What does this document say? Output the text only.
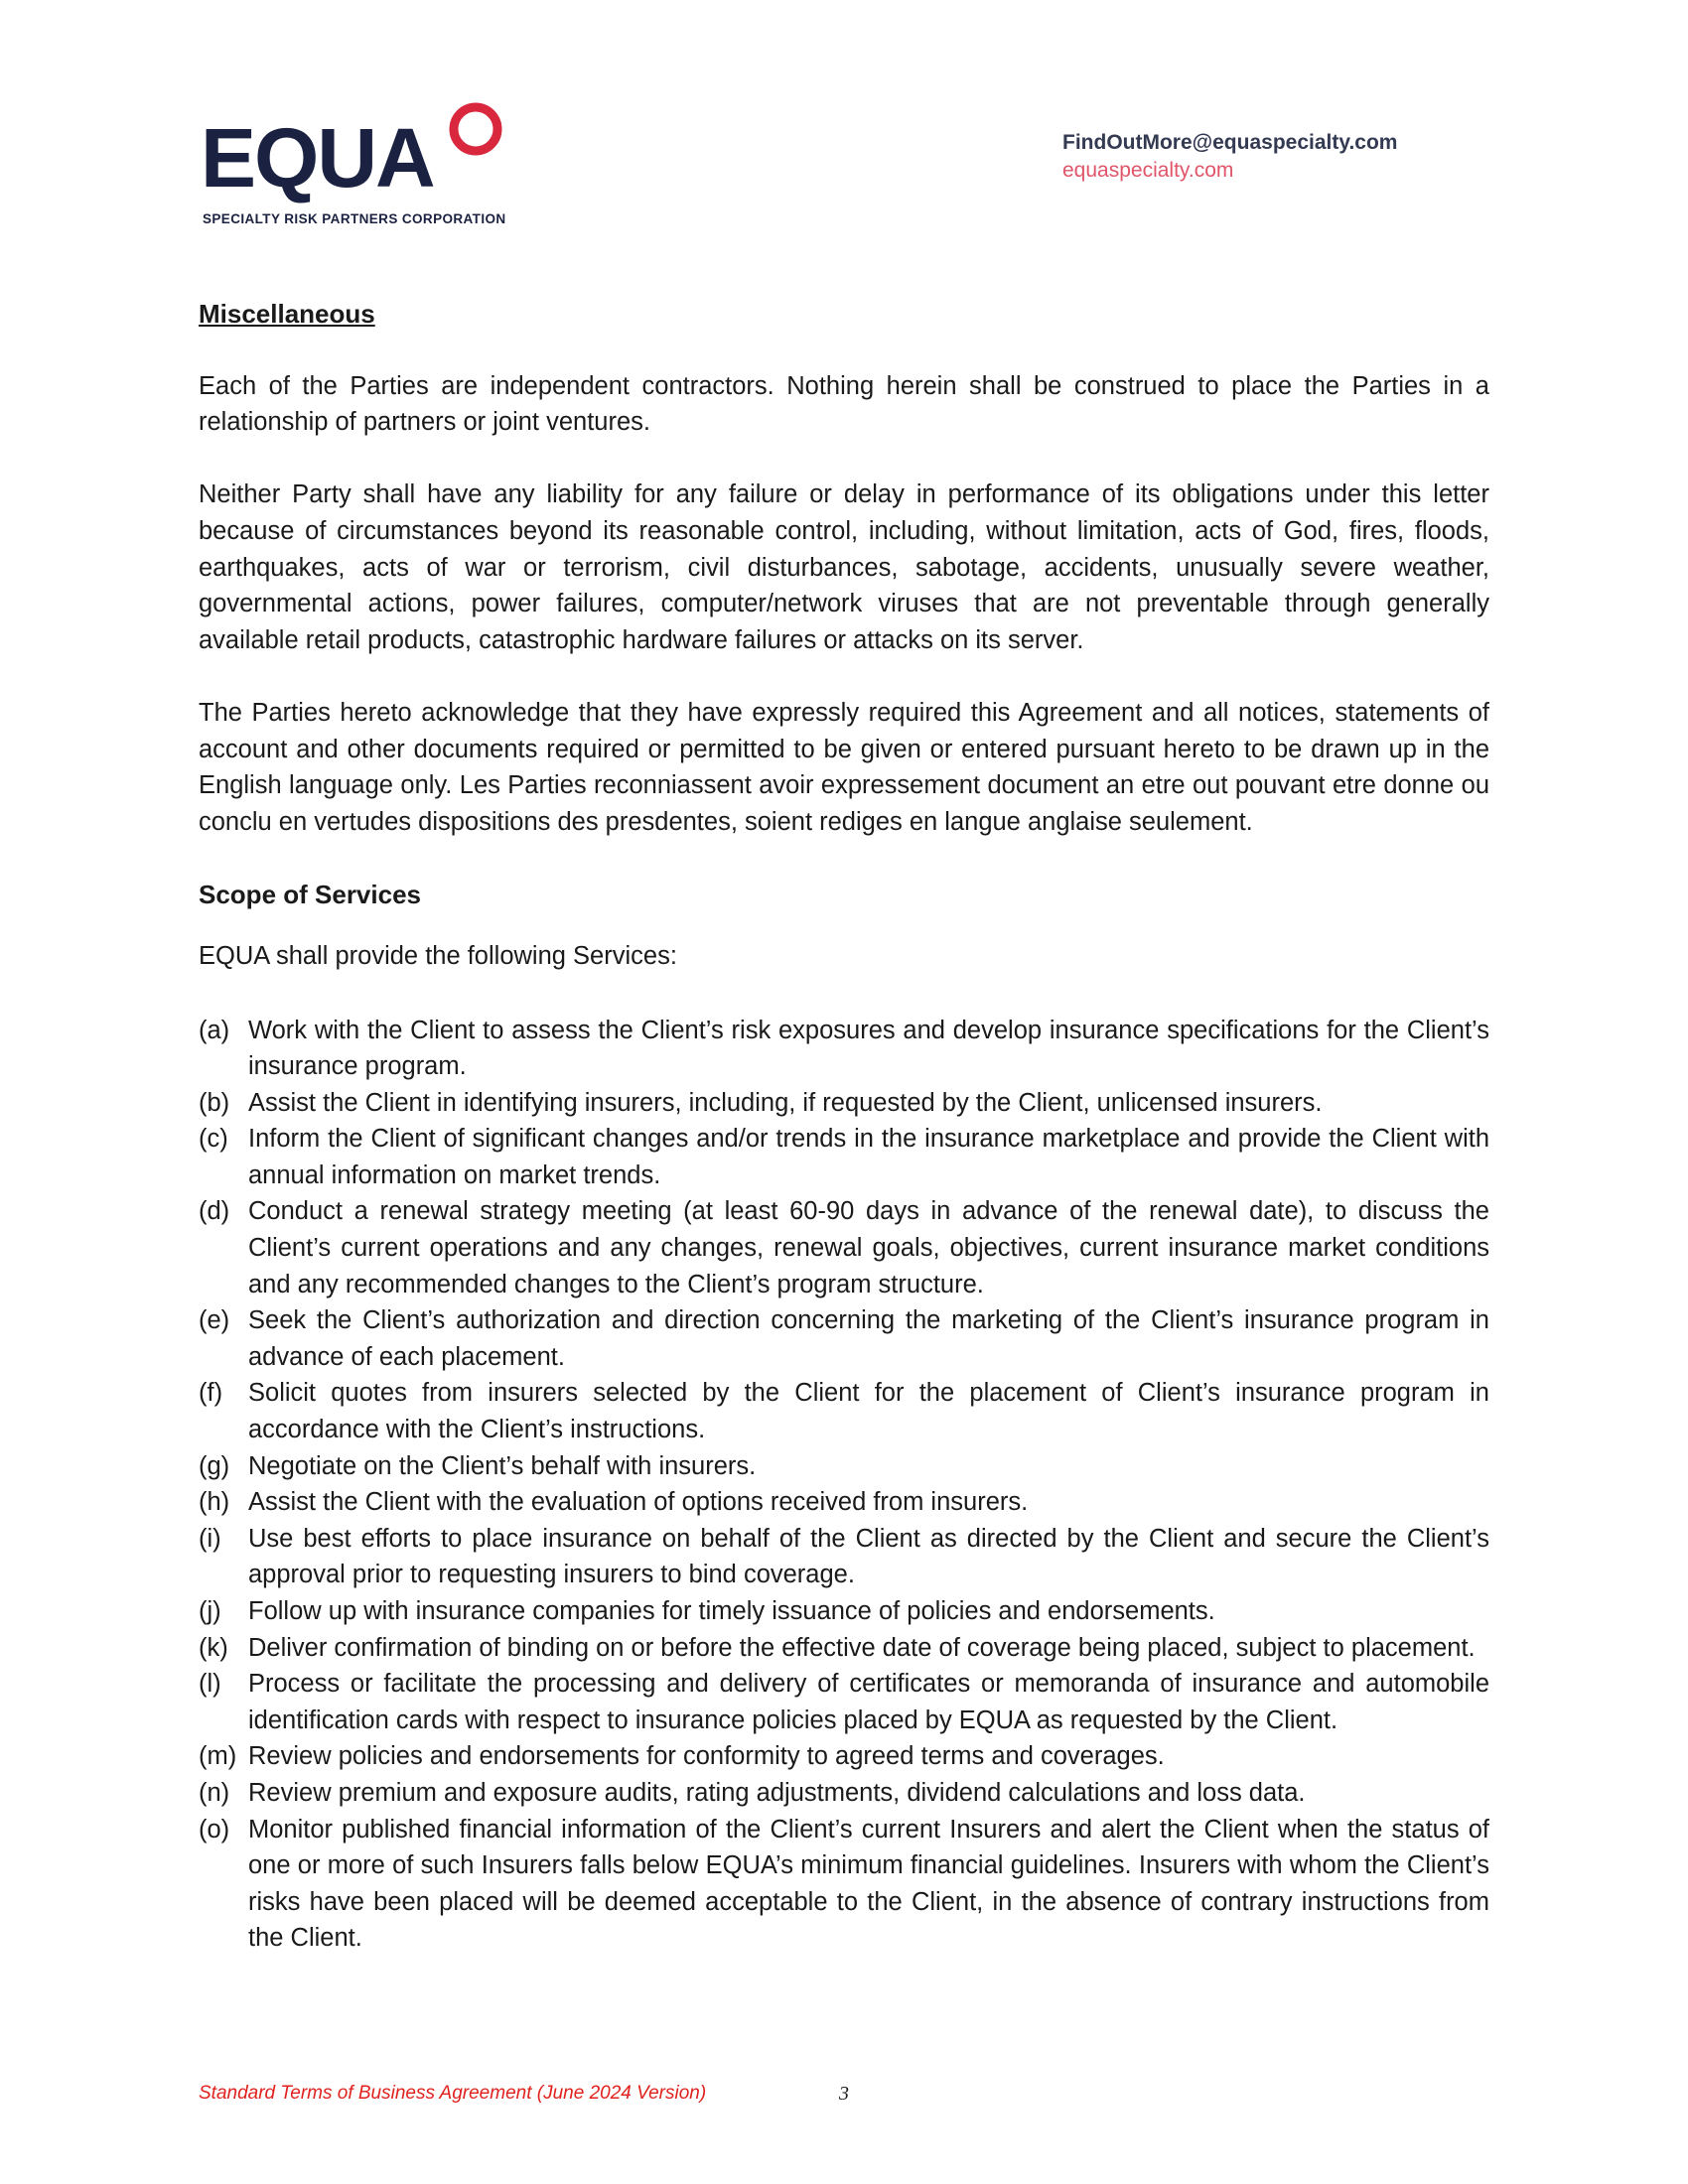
EQUA
SPECIALTY RISK PARTNERS CORPORATION
FindOutMore@equaspecialty.com
equaspecialty.com
Miscellaneous

Each of the Parties are independent contractors. Nothing herein shall be construed to place the Parties in a relationship of partners or joint ventures.

Neither Party shall have any liability for any failure or delay in performance of its obligations under this letter because of circumstances beyond its reasonable control, including, without limitation, acts of God, fires, floods, earthquakes, acts of war or terrorism, civil disturbances, sabotage, accidents, unusually severe weather, governmental actions, power failures, computer/network viruses that are not preventable through generally available retail products, catastrophic hardware failures or attacks on its server.

The Parties hereto acknowledge that they have expressly required this Agreement and all notices, statements of account and other documents required or permitted to be given or entered pursuant hereto to be drawn up in the English language only. Les Parties reconniassent avoir expressement document an etre out pouvant etre donne ou conclu en vertudes dispositions des presdentes, soient rediges en langue anglaise seulement.

Scope of Services

EQUA shall provide the following Services:

(a) Work with the Client to assess the Client’s risk exposures and develop insurance specifications for the Client’s insurance program.
(b) Assist the Client in identifying insurers, including, if requested by the Client, unlicensed insurers.
(c) Inform the Client of significant changes and/or trends in the insurance marketplace and provide the Client with annual information on market trends.
(d) Conduct a renewal strategy meeting (at least 60-90 days in advance of the renewal date), to discuss the Client’s current operations and any changes, renewal goals, objectives, current insurance market conditions and any recommended changes to the Client’s program structure.
(e) Seek the Client’s authorization and direction concerning the marketing of the Client’s insurance program in advance of each placement.
(f) Solicit quotes from insurers selected by the Client for the placement of Client’s insurance program in accordance with the Client’s instructions.
(g) Negotiate on the Client’s behalf with insurers.
(h) Assist the Client with the evaluation of options received from insurers.
(i) Use best efforts to place insurance on behalf of the Client as directed by the Client and secure the Client’s approval prior to requesting insurers to bind coverage.
(j) Follow up with insurance companies for timely issuance of policies and endorsements.
(k) Deliver confirmation of binding on or before the effective date of coverage being placed, subject to placement.
(l) Process or facilitate the processing and delivery of certificates or memoranda of insurance and automobile identification cards with respect to insurance policies placed by EQUA as requested by the Client.
(m) Review policies and endorsements for conformity to agreed terms and coverages.
(n) Review premium and exposure audits, rating adjustments, dividend calculations and loss data.
(o) Monitor published financial information of the Client’s current Insurers and alert the Client when the status of one or more of such Insurers falls below EQUA’s minimum financial guidelines. Insurers with whom the Client’s risks have been placed will be deemed acceptable to the Client, in the absence of contrary instructions from the Client.
Standard Terms of Business Agreement (June 2024 Version)	3
